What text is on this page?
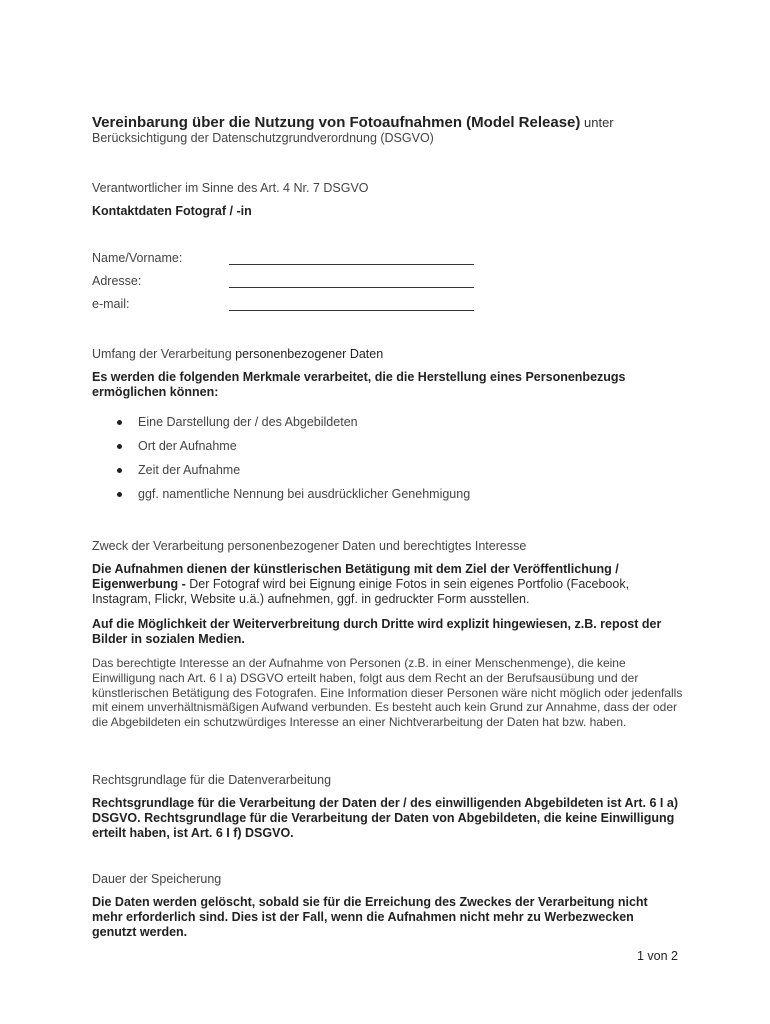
Vereinbarung über die Nutzung von Fotoaufnahmen (Model Release) unter
Berücksichtigung der Datenschutzgrundverordnung (DSGVO)
Verantwortlicher im Sinne des Art. 4 Nr. 7 DSGVO
Kontaktdaten Fotograf / -in
Name/Vorname:
Adresse:
e-mail:
Umfang der Verarbeitung personenbezogener Daten
Es werden die folgenden Merkmale verarbeitet, die die Herstellung eines Personenbezugs ermöglichen können:
Eine Darstellung der / des Abgebildeten
Ort der Aufnahme
Zeit der Aufnahme
ggf. namentliche Nennung bei ausdrücklicher Genehmigung
Zweck der Verarbeitung personenbezogener Daten und berechtigtes Interesse
Die Aufnahmen dienen der künstlerischen Betätigung mit dem Ziel der Veröffentlichung / Eigenwerbung - Der Fotograf wird bei Eignung einige Fotos in sein eigenes Portfolio (Facebook, Instagram, Flickr, Website u.ä.) aufnehmen, ggf. in gedruckter Form ausstellen.
Auf die Möglichkeit der Weiterverbreitung durch Dritte wird explizit hingewiesen, z.B. repost der Bilder in sozialen Medien.
Das berechtigte Interesse an der Aufnahme von Personen (z.B. in einer Menschenmenge), die keine Einwilligung nach Art. 6 I a) DSGVO erteilt haben, folgt aus dem Recht an der Berufsausübung und der künstlerischen Betätigung des Fotografen. Eine Information dieser Personen wäre nicht möglich oder jedenfalls mit einem unverhältnismäßigen Aufwand verbunden. Es besteht auch kein Grund zur Annahme, dass der oder die Abgebildeten ein schutzwürdiges Interesse an einer Nichtverarbeitung der Daten hat bzw. haben.
Rechtsgrundlage für die Datenverarbeitung
Rechtsgrundlage für die Verarbeitung der Daten der / des einwilligenden Abgebildeten ist Art. 6 I a) DSGVO. Rechtsgrundlage für die Verarbeitung der Daten von Abgebildeten, die keine Einwilligung erteilt haben, ist Art. 6 I f) DSGVO.
Dauer der Speicherung
Die Daten werden gelöscht, sobald sie für die Erreichung des Zweckes der Verarbeitung nicht mehr erforderlich sind. Dies ist der Fall, wenn die Aufnahmen nicht mehr zu Werbezwecken genutzt werden.
1 von 2
